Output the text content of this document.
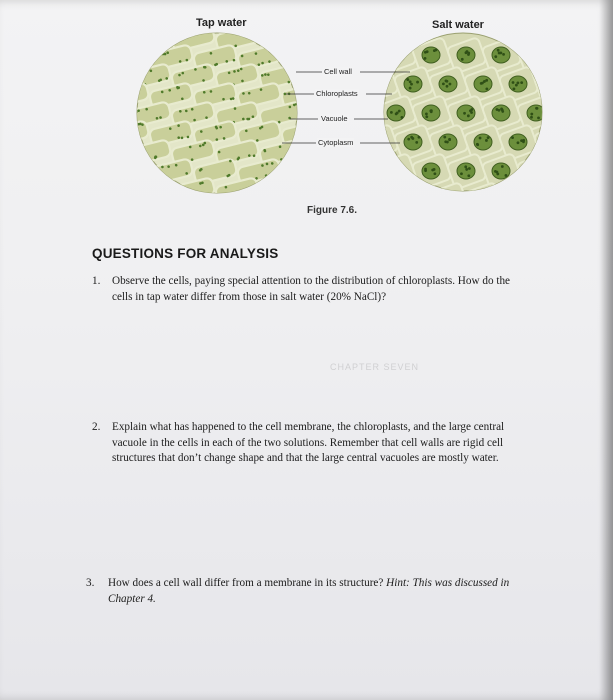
Tap water	Salt water
Cell wall
Chloroplasts
Vacuole
Cytoplasm
Figure 7.6.
CHAPTER SEVEN
QUESTIONS FOR ANALYSIS
1. Observe the cells, paying special attention to the distribution of chloroplasts. How do the
cells in tap water differ from those in salt water (20% NaCl)?
2. Explain what has happened to the cell membrane, the chloroplasts, and the large central
vacuole in the cells in each of the two solutions. Remember that cell walls are rigid cell
structures that don’t change shape and that the large central vacuoles are mostly water.
3. How does a cell wall differ from a membrane in its structure? Hint: This was discussed in
Chapter 4.
